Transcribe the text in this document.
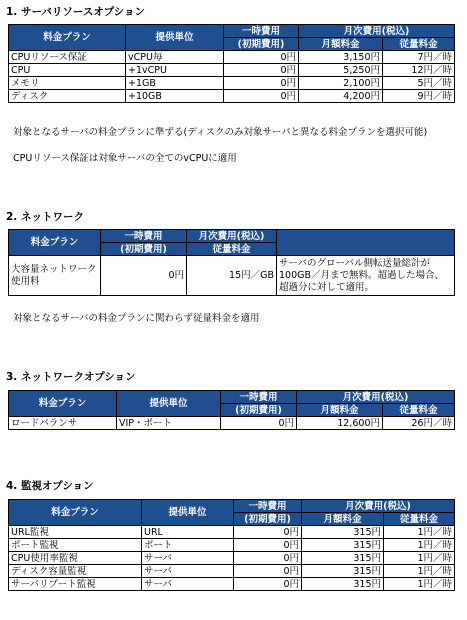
1. サーバリソースオプション
料金プラン	提供単位	一時費用	月次費用(税込)	
		(初期費用)	月額料金	従量料金
CPUリソース保証	vCPU毎	0円	3,150円	7円／時
CPU	+1vCPU	0円	5,250円	12円／時
メモリ	+1GB	0円	2,100円	5円／時
ディスク	+10GB	0円	4,200円	9円／時
対象となるサーバの料金プランに準ずる(ディスクのみ対象サーバと異なる料金プランを選択可能)
CPUリソース保証は対象サーバの全てのvCPUに適用
2. ネットワーク
料金プラン	一時費用	月次費用(税込)	
	(初期費用)	従量料金	
大容量ネットワーク使用料	0円	15円／GB	サーバのグローバル側転送量総計が100GB／月まで無料。超過した場合、超過分に対して適用。
対象となるサーバの料金プランに関わらず従量料金を適用
3. ネットワークオプション
料金プラン	提供単位	一時費用	月次費用(税込)	
		(初期費用)	月額料金	従量料金
ロードバランサ	VIP・ポート	0円	12,600円	26円／時
4. 監視オプション
料金プラン	提供単位	一時費用	月次費用(税込)	
		(初期費用)	月額料金	従量料金
URL監視	URL	0円	315円	1円／時
ポート監視	ポート	0円	315円	1円／時
CPU使用率監視	サーバ	0円	315円	1円／時
ディスク容量監視	サーバ	0円	315円	1円／時
サーバリブート監視	サーバ	0円	315円	1円／時
